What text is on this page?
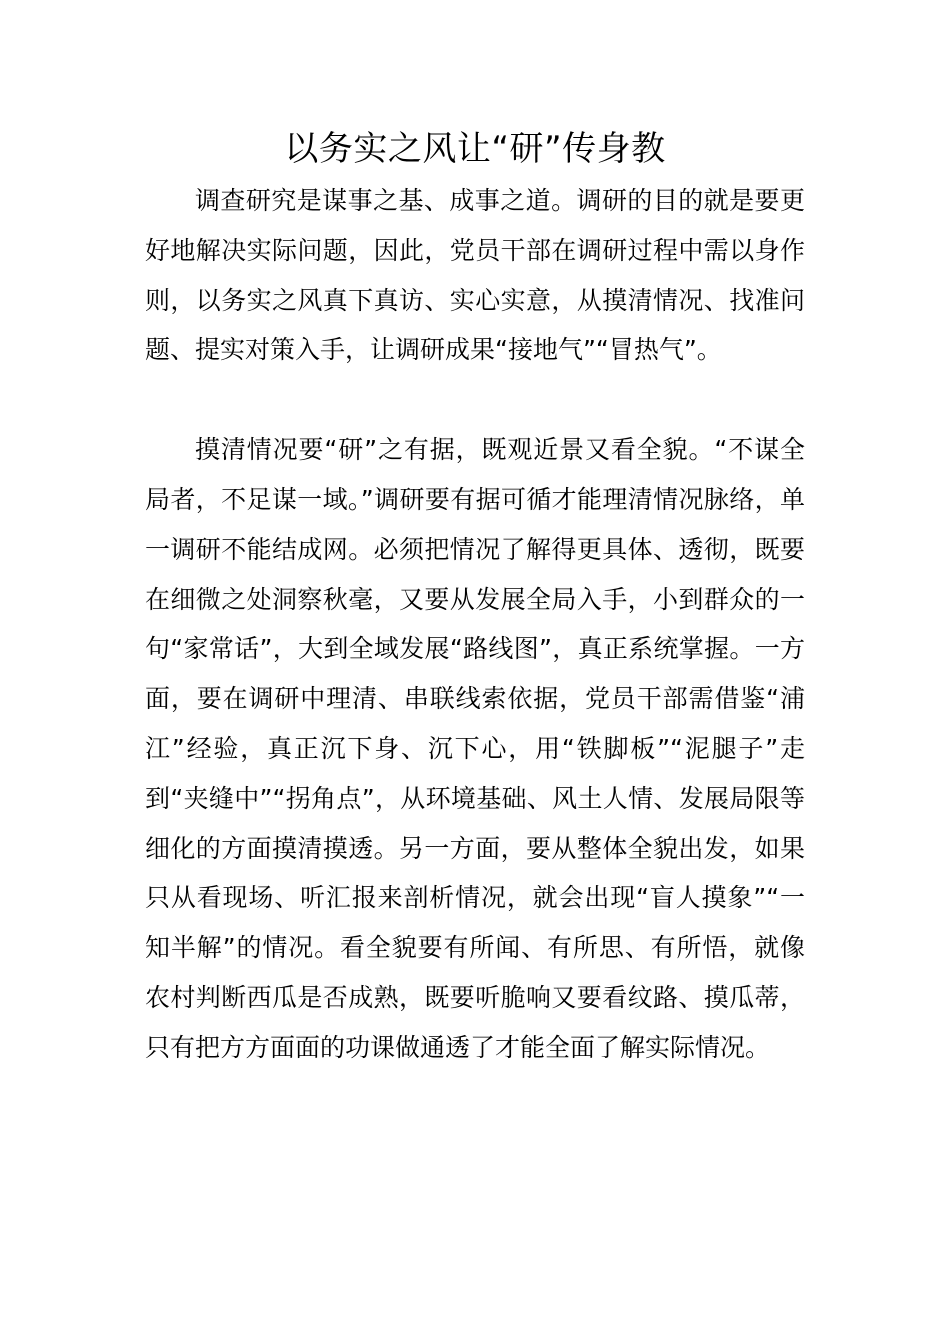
以务实之风让“研”传身教

调查研究是谋事之基、成事之道。调研的目的就是要更好地解决实际问题，因此，党员干部在调研过程中需以身作则，以务实之风真下真访、实心实意，从摸清情况、找准问题、提实对策入手，让调研成果“接地气”“冒热气”。

摸清情况要“研”之有据，既观近景又看全貌。“不谋全局者，不足谋一域。”调研要有据可循才能理清情况脉络，单一调研不能结成网。必须把情况了解得更具体、透彻，既要在细微之处洞察秋毫，又要从发展全局入手，小到群众的一句“家常话”，大到全域发展“路线图”，真正系统掌握。一方面，要在调研中理清、串联线索依据，党员干部需借鉴“浦江”经验，真正沉下身、沉下心，用“铁脚板”“泥腿子”走到“夹缝中”“拐角点”，从环境基础、风土人情、发展局限等细化的方面摸清摸透。另一方面，要从整体全貌出发，如果只从看现场、听汇报来剖析情况，就会出现“盲人摸象”“一知半解”的情况。看全貌要有所闻、有所思、有所悟，就像农村判断西瓜是否成熟，既要听脆响又要看纹路、摸瓜蒂，只有把方方面面的功课做通透了才能全面了解实际情况。
